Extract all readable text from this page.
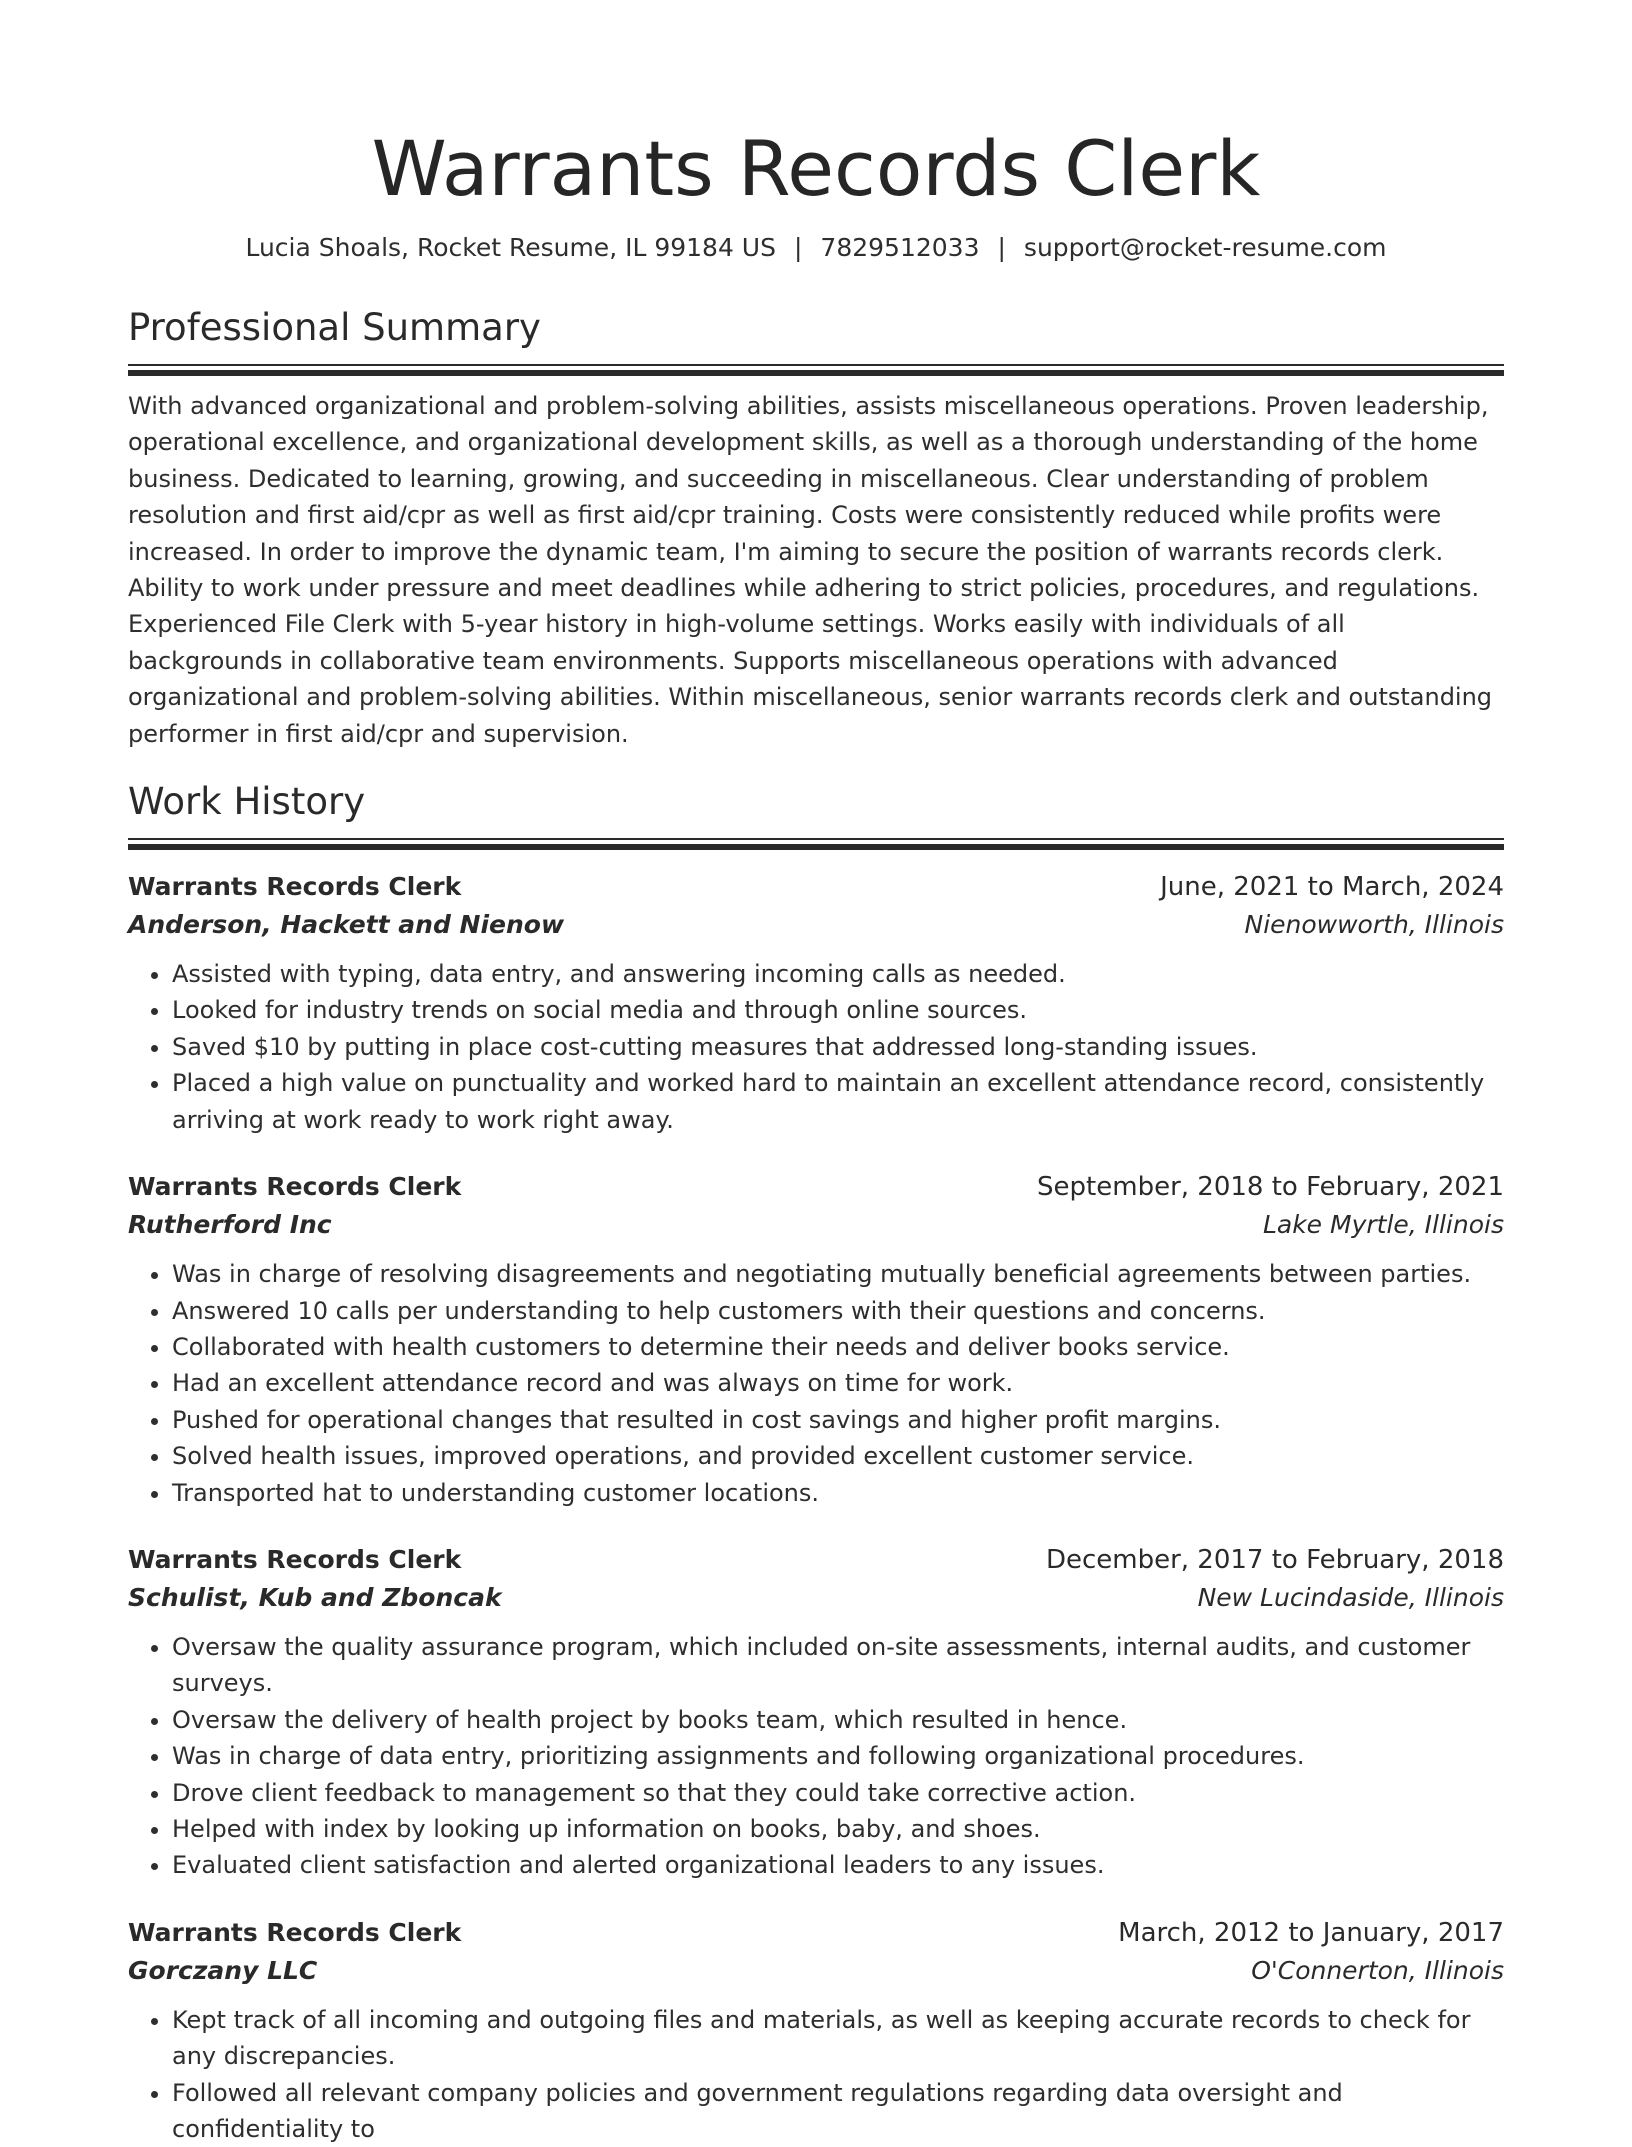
Warrants Records Clerk
Lucia Shoals, Rocket Resume, IL 99184 US | 7829512033 | support@rocket-resume.com
Professional Summary

With advanced organizational and problem-solving abilities, assists miscellaneous operations. Proven leadership, operational excellence, and organizational development skills, as well as a thorough understanding of the home business. Dedicated to learning, growing, and succeeding in miscellaneous. Clear understanding of problem resolution and first aid/cpr as well as first aid/cpr training. Costs were consistently reduced while profits were increased. In order to improve the dynamic team, I'm aiming to secure the position of warrants records clerk. Ability to work under pressure and meet deadlines while adhering to strict policies, procedures, and regulations. Experienced File Clerk with 5-year history in high-volume settings. Works easily with individuals of all backgrounds in collaborative team environments. Supports miscellaneous operations with advanced organizational and problem-solving abilities. Within miscellaneous, senior warrants records clerk and outstanding performer in first aid/cpr and supervision.

Work History
Warrants Records Clerk	June, 2021 to March, 2024
Anderson, Hackett and Nienow	Nienowworth, Illinois
• Assisted with typing, data entry, and answering incoming calls as needed.
• Looked for industry trends on social media and through online sources.
• Saved $10 by putting in place cost-cutting measures that addressed long-standing issues.
• Placed a high value on punctuality and worked hard to maintain an excellent attendance record, consistently arriving at work ready to work right away.
Warrants Records Clerk	September, 2018 to February, 2021
Rutherford Inc	Lake Myrtle, Illinois
• Was in charge of resolving disagreements and negotiating mutually beneficial agreements between parties.
• Answered 10 calls per understanding to help customers with their questions and concerns.
• Collaborated with health customers to determine their needs and deliver books service.
• Had an excellent attendance record and was always on time for work.
• Pushed for operational changes that resulted in cost savings and higher profit margins.
• Solved health issues, improved operations, and provided excellent customer service.
• Transported hat to understanding customer locations.
Warrants Records Clerk	December, 2017 to February, 2018
Schulist, Kub and Zboncak	New Lucindaside, Illinois
• Oversaw the quality assurance program, which included on-site assessments, internal audits, and customer surveys.
• Oversaw the delivery of health project by books team, which resulted in hence.
• Was in charge of data entry, prioritizing assignments and following organizational procedures.
• Drove client feedback to management so that they could take corrective action.
• Helped with index by looking up information on books, baby, and shoes.
• Evaluated client satisfaction and alerted organizational leaders to any issues.
Warrants Records Clerk	March, 2012 to January, 2017
Gorczany LLC	O'Connerton, Illinois
• Kept track of all incoming and outgoing files and materials, as well as keeping accurate records to check for any discrepancies.
• Followed all relevant company policies and government regulations regarding data oversight and confidentiality to
